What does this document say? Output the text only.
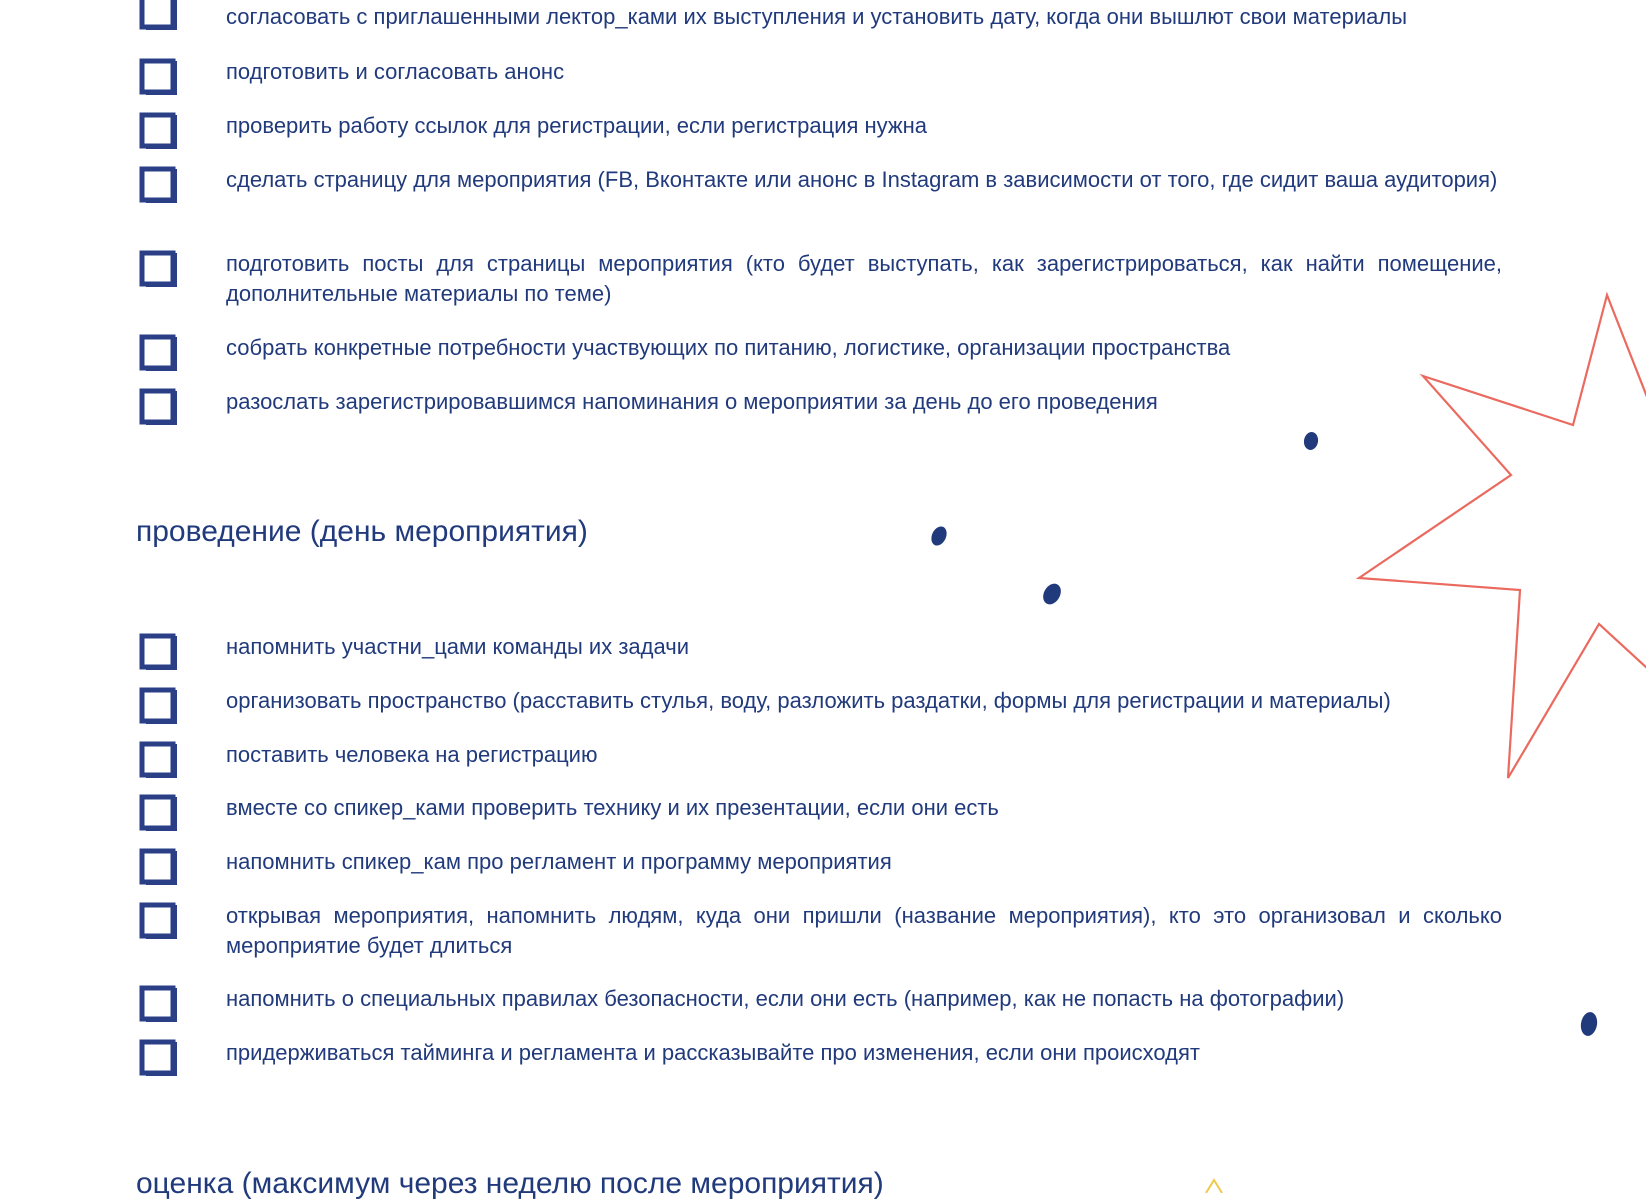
согласовать с приглашенными лектор_ками их выступления и установить дату, когда они вышлют свои материалы
подготовить и согласовать анонс
проверить работу ссылок для регистрации, если регистрация нужна
сделать страницу для мероприятия (FB, Вконтакте или анонс в Instagram в зависимости от того, где сидит ваша аудитория)
подготовить посты для страницы мероприятия (кто будет выступать, как зарегистрироваться, как найти помещение, дополнительные материалы по теме)
собрать конкретные потребности участвующих по питанию, логистике, организации пространства
разослать зарегистрировавшимся напоминания о мероприятии за день до его проведения
проведение (день мероприятия)
напомнить участни_цами команды их задачи
организовать пространство (расставить стулья, воду, разложить раздатки, формы для регистрации и материалы)
поставить человека на регистрацию
вместе со спикер_ками проверить технику и их презентации, если они есть
напомнить спикер_кам про регламент и программу мероприятия
открывая мероприятия, напомнить людям, куда они пришли (название мероприятия), кто это организовал и сколько мероприятие будет длиться
напомнить о специальных правилах безопасности, если они есть (например, как не попасть на фотографии)
придерживаться тайминга и регламента и рассказывайте про изменения, если они происходят
оценка (максимум через неделю после мероприятия)
